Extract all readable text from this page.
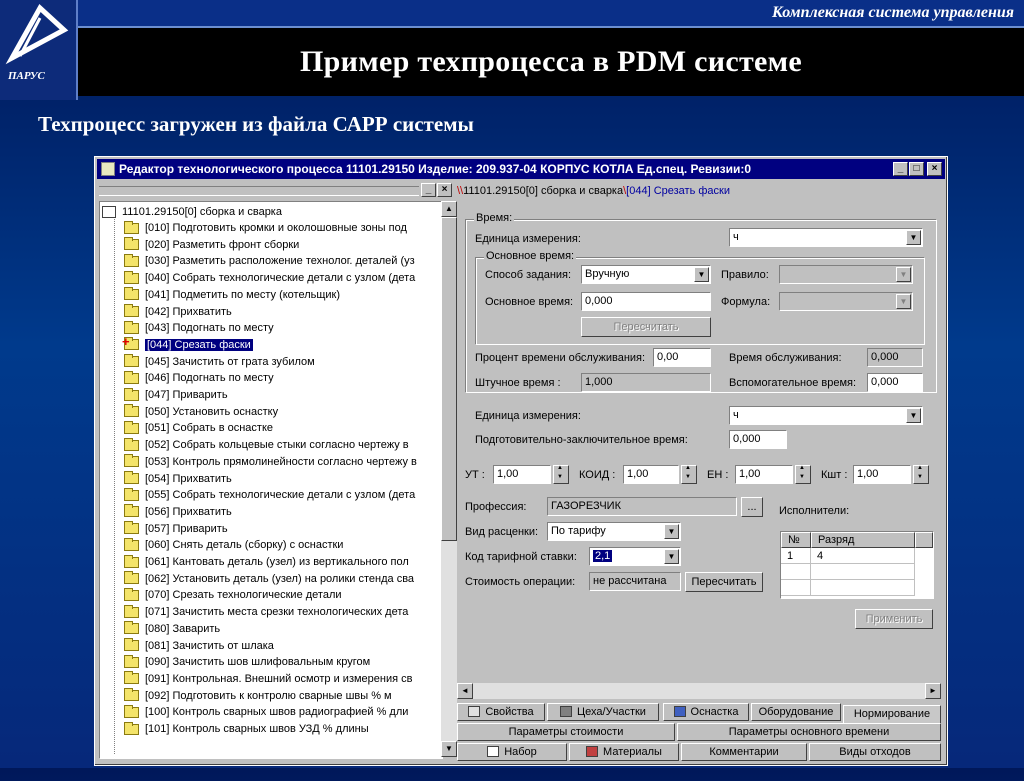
ПАРУС
Комплексная система управления
Пример техпроцесса в PDM системе
Техпроцесс загружен из файла САРР системы
Редактор технологического процесса 11101.29150 Изделие: 209.937-04 КОРПУС КОТЛА Ед.спец. Ревизии:0	_	□	×
_	×
11101.29150[0] сборка и сварка
[010] Подготовить кромки и околошовные зоны под
[020] Разметить фронт сборки
[030] Разметить расположение технолог. деталей (уз
[040] Собрать технологические детали с узлом (дета
[041] Подметить по месту (котельщик)
[042] Прихватить
[043] Подогнать по месту
+
[044] Срезать фаски
[045] Зачистить от грата зубилом
[046] Подогнать по месту
[047] Приварить
[050] Установить оснастку
[051] Собрать в оснастке
[052] Собрать кольцевые стыки согласно чертежу в
[053] Контроль прямолинейности согласно чертежу в
[054] Прихватить
[055] Собрать технологические детали с узлом (дета
[056] Прихватить
[057] Приварить
[060] Снять деталь (сборку) с оснастки
[061] Кантовать деталь (узел) из вертикального пол
[062] Установить деталь (узел) на ролики стенда сва
[070] Срезать технологические детали
[071] Зачистить места срезки технологических дета
[080] Заварить
[081] Зачистить от шлака
[090] Зачистить шов шлифовальным кругом
[091] Контрольная. Внешний осмотр и измерения св
[092] Подготовить к контролю сварные швы % м
[100] Контроль сварных швов радиографией % дли
[101] Контроль сварных швов УЗД % длины
▲
▼
\\11101.29150[0] сборка и сварка\[044] Срезать фаски
Время:
Единица измерения:	ч	▼
Основное время:
Способ задания:	Вручную	▼	Правило:	▼
Основное время:	0,000	Формула:	▼
Пересчитать
Процент времени обслуживания:	0,00	Время обслуживания:	0,000
Штучное время :	1,000	Вспомогательное время:	0,000
Единица измерения:	ч	▼
Подготовительно-заключительное время:	0,000
УТ :	1,00 ▲ ▼	КОИД :	1,00 ▲ ▼	ЕН : 1,00 ▲ ▼	Кшт : 1,00
▲ ▼
Профессия:	ГАЗОРЕЗЧИК	...	Исполнители:
Вид расценки:	По тарифу	▼
Код тарифной ставки:	2,1	▼
Стоимость операции:	не рассчитана	Пересчитать
№	Разряд
1	4
Применить
◄	►
Свойства	Цеха/Участки	Оснастка	Оборудование	Нормирование
Параметры стоимости	Параметры основного времени
Набор	Материалы	Комментарии	Виды отходов
